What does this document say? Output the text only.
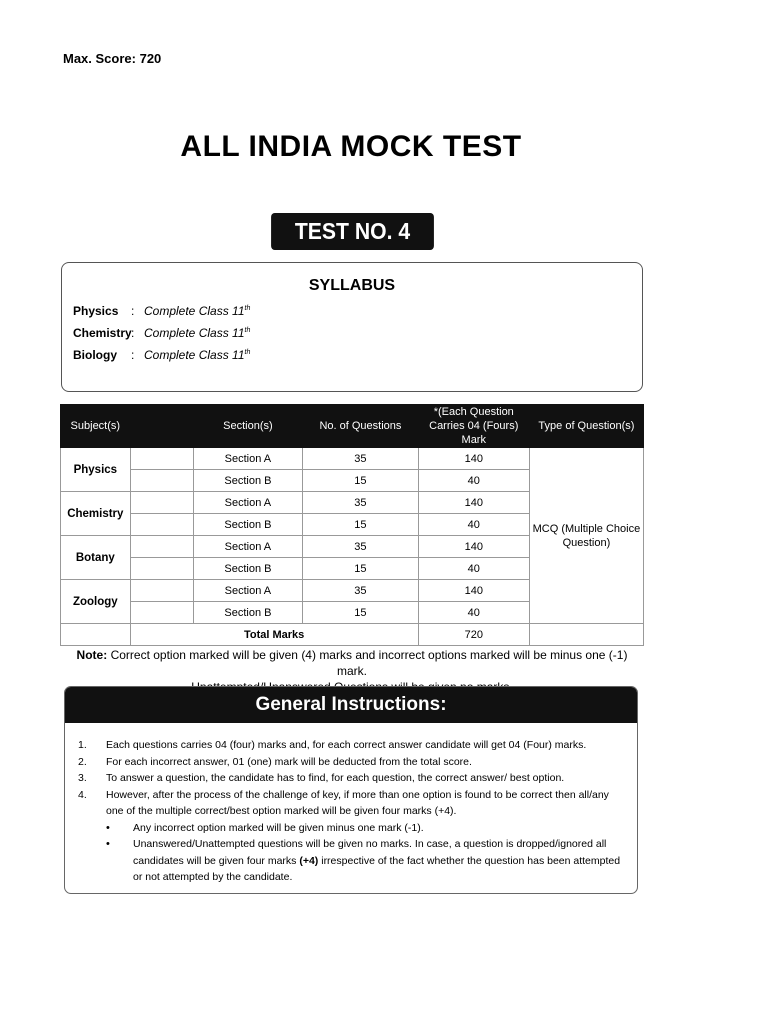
Max. Score: 720
ALL INDIA MOCK TEST
TEST NO. 4
SYLLABUS
Physics	: Complete Class 11th
Chemistry : Complete Class 11th
Biology	: Complete Class 11th
Subject(s)		Section(s)	No. of Questions	*(Each Question Carries 04 (Fours) Mark	Type of Question(s)
Physics		Section A	35	140	MCQ (Multiple Choice Question)
		Section B	15	40	
Chemistry		Section A	35	140	
		Section B	15	40	
Botany		Section A	35	140	
		Section B	15	40	
Zoology		Section A	35	140	
		Section B	15	40	
	Total Marks			720	
Note: Correct option marked will be given (4) marks and incorrect options marked will be minus one (-1) mark.
General Instructions:
1.	Each questions carries 04 (four) marks and, for each correct answer candidate will get 04 (Four) marks.
2.	For each incorrect answer, 01 (one) mark will be deducted from the total score.
3.	To answer a question, the candidate has to find, for each question, the correct answer/ best option.
4.	However, after the process of the challenge of key, if more than one option is found to be correct then all/any one of the multiple correct/best option marked will be given four marks (+4).
•	Any incorrect option marked will be given minus one mark (-1).
•	Unanswered/Unattempted questions will be given no marks. In case, a question is dropped/ignored all candidates will be given four marks (+4) irrespective of the fact whether the question has been attempted or not attempted by the candidate.
